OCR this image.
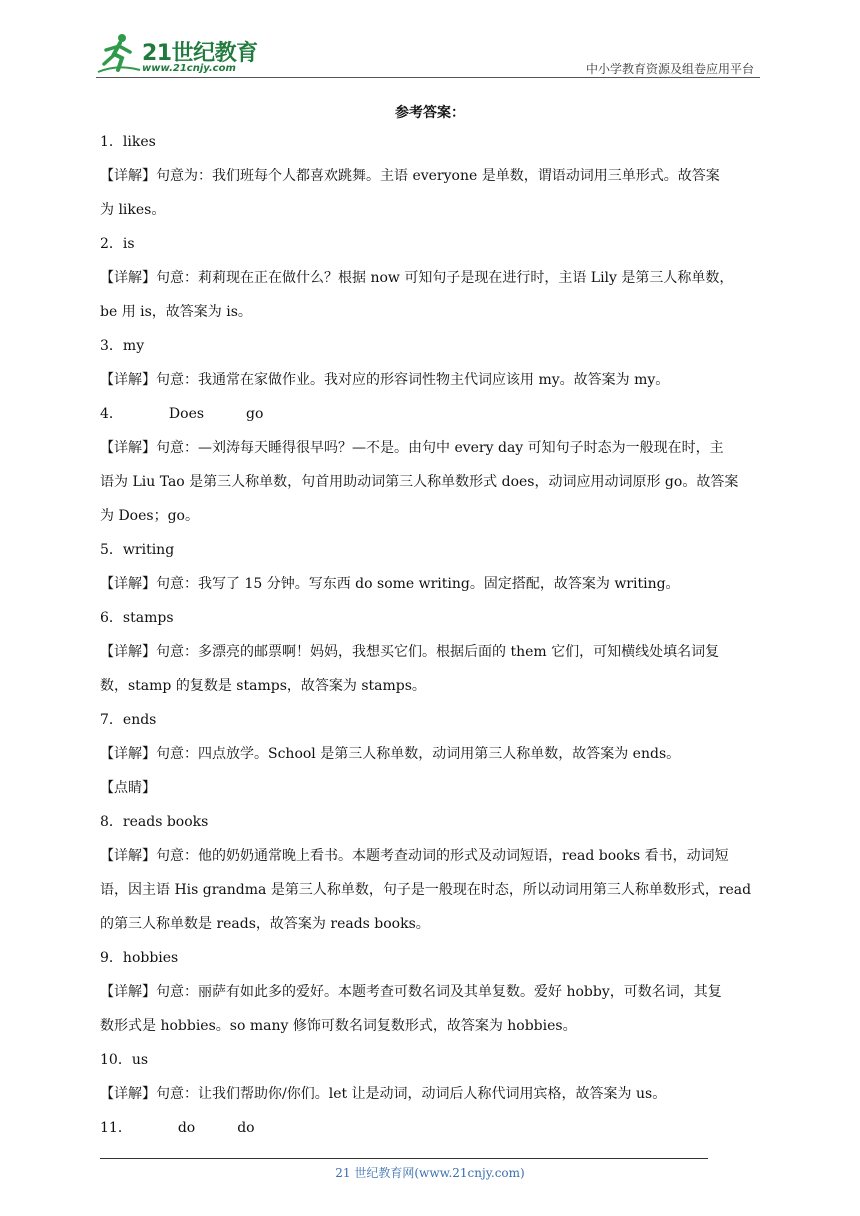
21世纪教育
www.21cnjy.com	中小学教育资源及组卷应用平台
参考答案：
1．likes
【详解】句意为：我们班每个人都喜欢跳舞。主语 everyone 是单数，谓语动词用三单形式。故答案
为 likes。
2．is
【详解】句意：莉莉现在正在做什么？根据 now 可知句子是现在进行时，主语 Lily 是第三人称单数，
be 用 is，故答案为 is。
3．my
【详解】句意：我通常在家做作业。我对应的形容词性物主代词应该用 my。故答案为 my。
4．	Does	go
【详解】句意：—刘涛每天睡得很早吗？—不是。由句中 every day 可知句子时态为一般现在时，主
语为 Liu Tao 是第三人称单数，句首用助动词第三人称单数形式 does，动词应用动词原形 go。故答案
为 Does；go。
5．writing
【详解】句意：我写了 15 分钟。写东西 do some writing。固定搭配，故答案为 writing。
6．stamps
【详解】句意：多漂亮的邮票啊！妈妈，我想买它们。根据后面的 them 它们，可知横线处填名词复
数，stamp 的复数是 stamps，故答案为 stamps。
7．ends
【详解】句意：四点放学。School 是第三人称单数，动词用第三人称单数，故答案为 ends。
【点睛】
8．reads books
【详解】句意：他的奶奶通常晚上看书。本题考查动词的形式及动词短语，read books 看书，动词短
语，因主语 His grandma 是第三人称单数，句子是一般现在时态，所以动词用第三人称单数形式，read
的第三人称单数是 reads，故答案为 reads books。
9．hobbies
【详解】句意：丽萨有如此多的爱好。本题考查可数名词及其单复数。爱好 hobby，可数名词，其复
数形式是 hobbies。so many 修饰可数名词复数形式，故答案为 hobbies。
10．us
【详解】句意：让我们帮助你/你们。let 让是动词，动词后人称代词用宾格，故答案为 us。
11．	do	do
21 世纪教育网(www.21cnjy.com)
